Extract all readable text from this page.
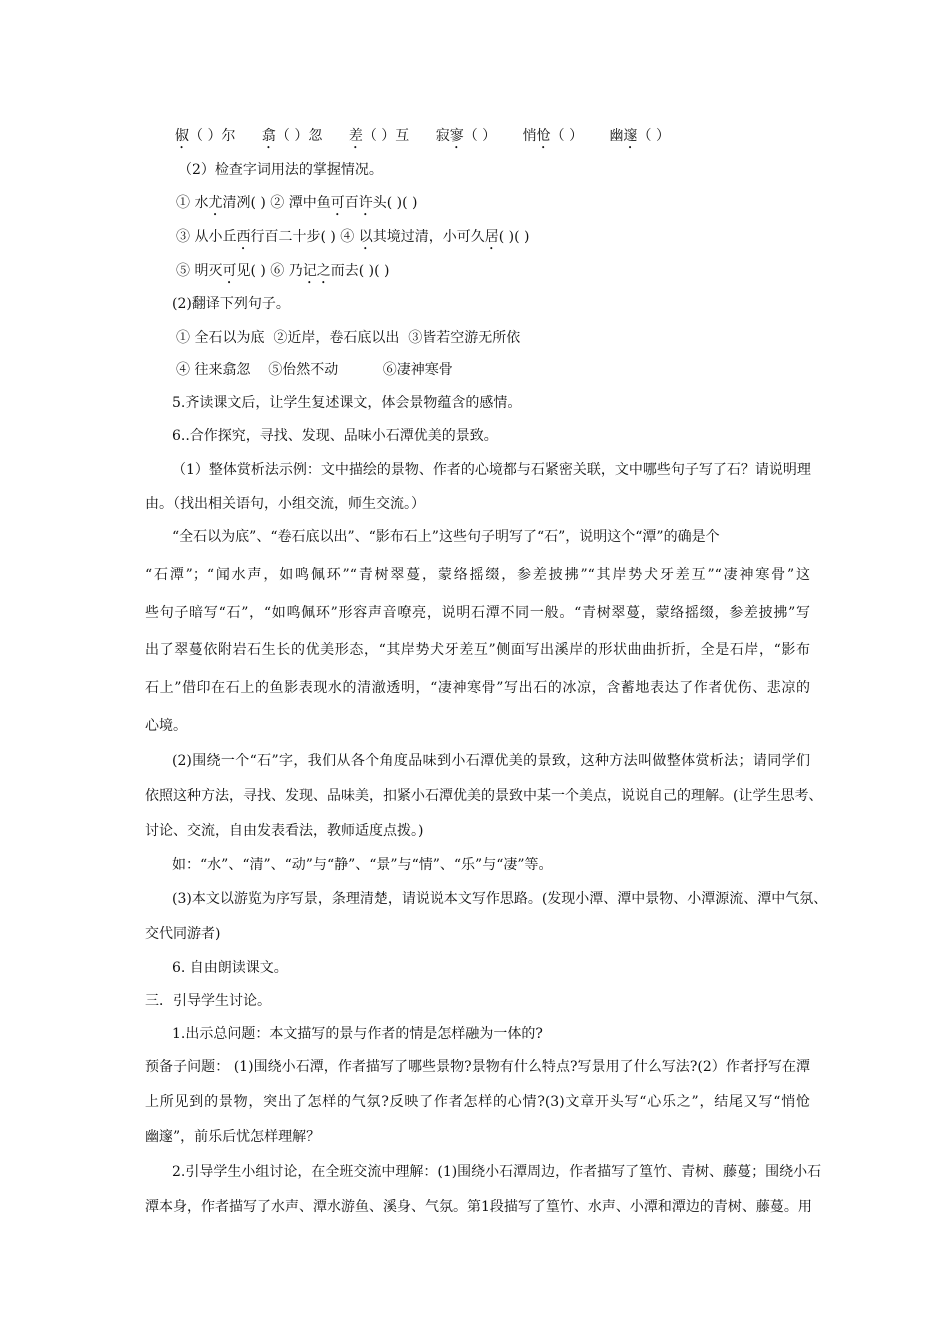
俶（ ）尔 翕（ ）忽 差（ ）互 寂寥（ ） 悄怆（ ） 幽邃（ ）
（2）检查字词用法的掌握情况。
① 水尤清冽( ) ② 潭中鱼可百许头( )( )
③ 从小丘西行百二十步( ) ④ 以其境过清，小可久居( )( )
⑤ 明灭可见( ) ⑥ 乃记之而去( )( )
(2)翻译下列句子。
① 全石以为底  ②近岸，卷石底以出  ③皆若空游无所依
④ 往来翕忽    ⑤佁然不动          ⑥凄神寒骨
5.齐读课文后，让学生复述课文，体会景物蕴含的感情。
6..合作探究，寻找、发现、品味小石潭优美的景致。
（1）整体赏析法示例：文中描绘的景物、作者的心境都与石紧密关联，文中哪些句子写了石？请说明理
由。（找出相关语句，小组交流，师生交流。）
“全石以为底”、“卷石底以出”、“影布石上”这些句子明写了“石”，说明这个“潭”的确是个
“石潭”；“闻水声，如鸣佩环”“青树翠蔓，蒙络摇缀，参差披拂”“其岸势犬牙差互”“凄神寒骨”这
些句子暗写“石”，“如鸣佩环”形容声音嘹亮，说明石潭不同一般。“青树翠蔓，蒙络摇缀，参差披拂”写
出了翠蔓依附岩石生长的优美形态，“其岸势犬牙差互”侧面写出溪岸的形状曲曲折折，全是石岸，“影布
石上”借印在石上的鱼影表现水的清澈透明，“凄神寒骨”写出石的冰凉，含蓄地表达了作者优伤、悲凉的
心境。
(2)围绕一个“石”字，我们从各个角度品味到小石潭优美的景致，这种方法叫做整体赏析法；请同学们
依照这种方法，寻找、发现、品味美，扣紧小石潭优美的景致中某一个美点，说说自己的理解。(让学生思考、
讨论、交流，自由发表看法，教师适度点拨。)
如：“水”、“清”、“动”与“静”、“景”与“情”、“乐”与“凄”等。
(3)本文以游览为序写景，条理清楚，请说说本文写作思路。(发现小潭、潭中景物、小潭源流、潭中气氛、
交代同游者)
6. 自由朗读课文。
三．引导学生讨论。
1.出示总问题：本文描写的景与作者的情是怎样融为一体的?
预备子问题： (1)围绕小石潭，作者描写了哪些景物?景物有什么特点?写景用了什么写法?(2）作者抒写在潭
上所见到的景物，突出了怎样的气氛?反映了作者怎样的心情?(3)文章开头写“心乐之”，结尾又写“悄怆
幽邃”，前乐后忧怎样理解？
2.引导学生小组讨论，在全班交流中理解：(1)围绕小石潭周边，作者描写了篁竹、青树、藤蔓；围绕小石
潭本身，作者描写了水声、潭水游鱼、溪身、气氛。第1段描写了篁竹、水声、小潭和潭边的青树、藤蔓。用
